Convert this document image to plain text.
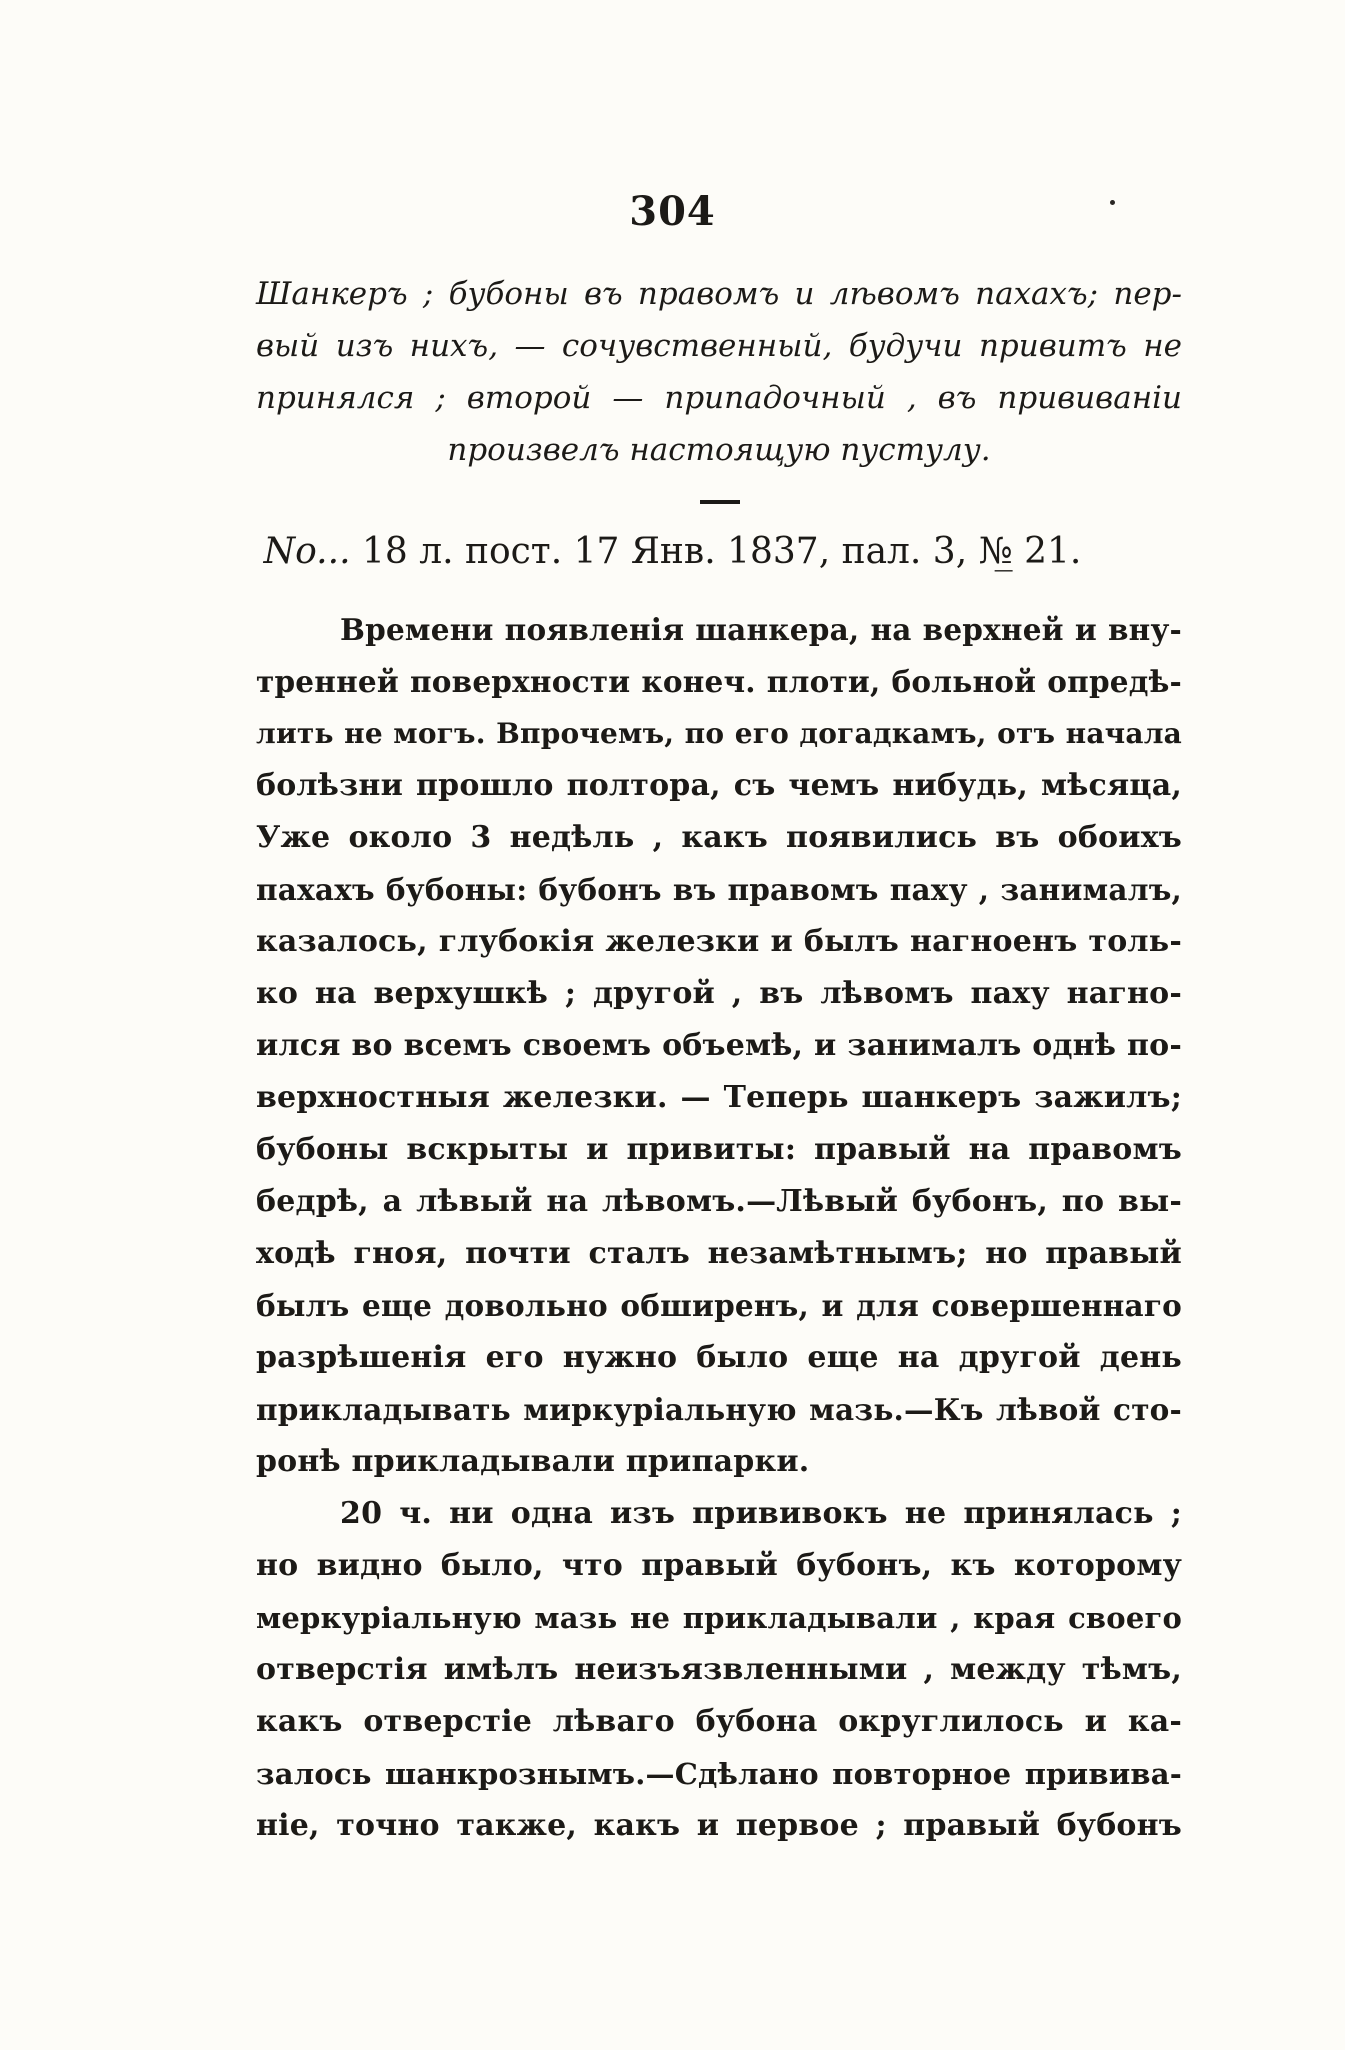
304
Шанкеръ ; бубоны въ правомъ и лѣвомъ пахахъ; пер-
вый изъ нихъ, — сочувственный, будучи привитъ не
принялся ; второй — припадочный , въ прививаніи
произвелъ настоящую пустулу.
No... 18 л. пост. 17 Янв. 1837, пал. 3, №̲ 21.
Времени появленія шанкера, на верхней и вну-
тренней поверхности конеч. плоти, больной опредѣ-
лить не могъ. Впрочемъ, по его догадкамъ, отъ начала
болѣзни прошло полтора, съ чемъ нибудь, мѣсяца,
Уже около 3 недѣль , какъ появились въ обоихъ
пахахъ бубоны: бубонъ въ правомъ паху , занималъ,
казалось, глубокія железки и былъ нагноенъ толь-
ко на верхушкѣ ; другой , въ лѣвомъ паху нагно-
ился во всемъ своемъ объемѣ, и занималъ однѣ по-
верхностныя железки. — Теперь шанкеръ зажилъ;
бубоны вскрыты и привиты: правый на правомъ
бедрѣ, а лѣвый на лѣвомъ.—Лѣвый бубонъ, по вы-
ходѣ гноя, почти сталъ незамѣтнымъ; но правый
былъ еще довольно обширенъ, и для совершеннаго
разрѣшенія его нужно было еще на другой день
прикладывать миркуріальную мазь.—Къ лѣвой сто-
ронѣ прикладывали припарки.
20 ч. ни одна изъ прививокъ не принялась ;
но видно было, что правый бубонъ, къ которому
меркуріальную мазь не прикладывали , края своего
отверстія имѣлъ неизъязвленными , между тѣмъ,
какъ отверстіе лѣваго бубона округлилось и ка-
залось шанкрознымъ.—Сдѣлано повторное привива-
ніе, точно также, какъ и первое ; правый бубонъ
